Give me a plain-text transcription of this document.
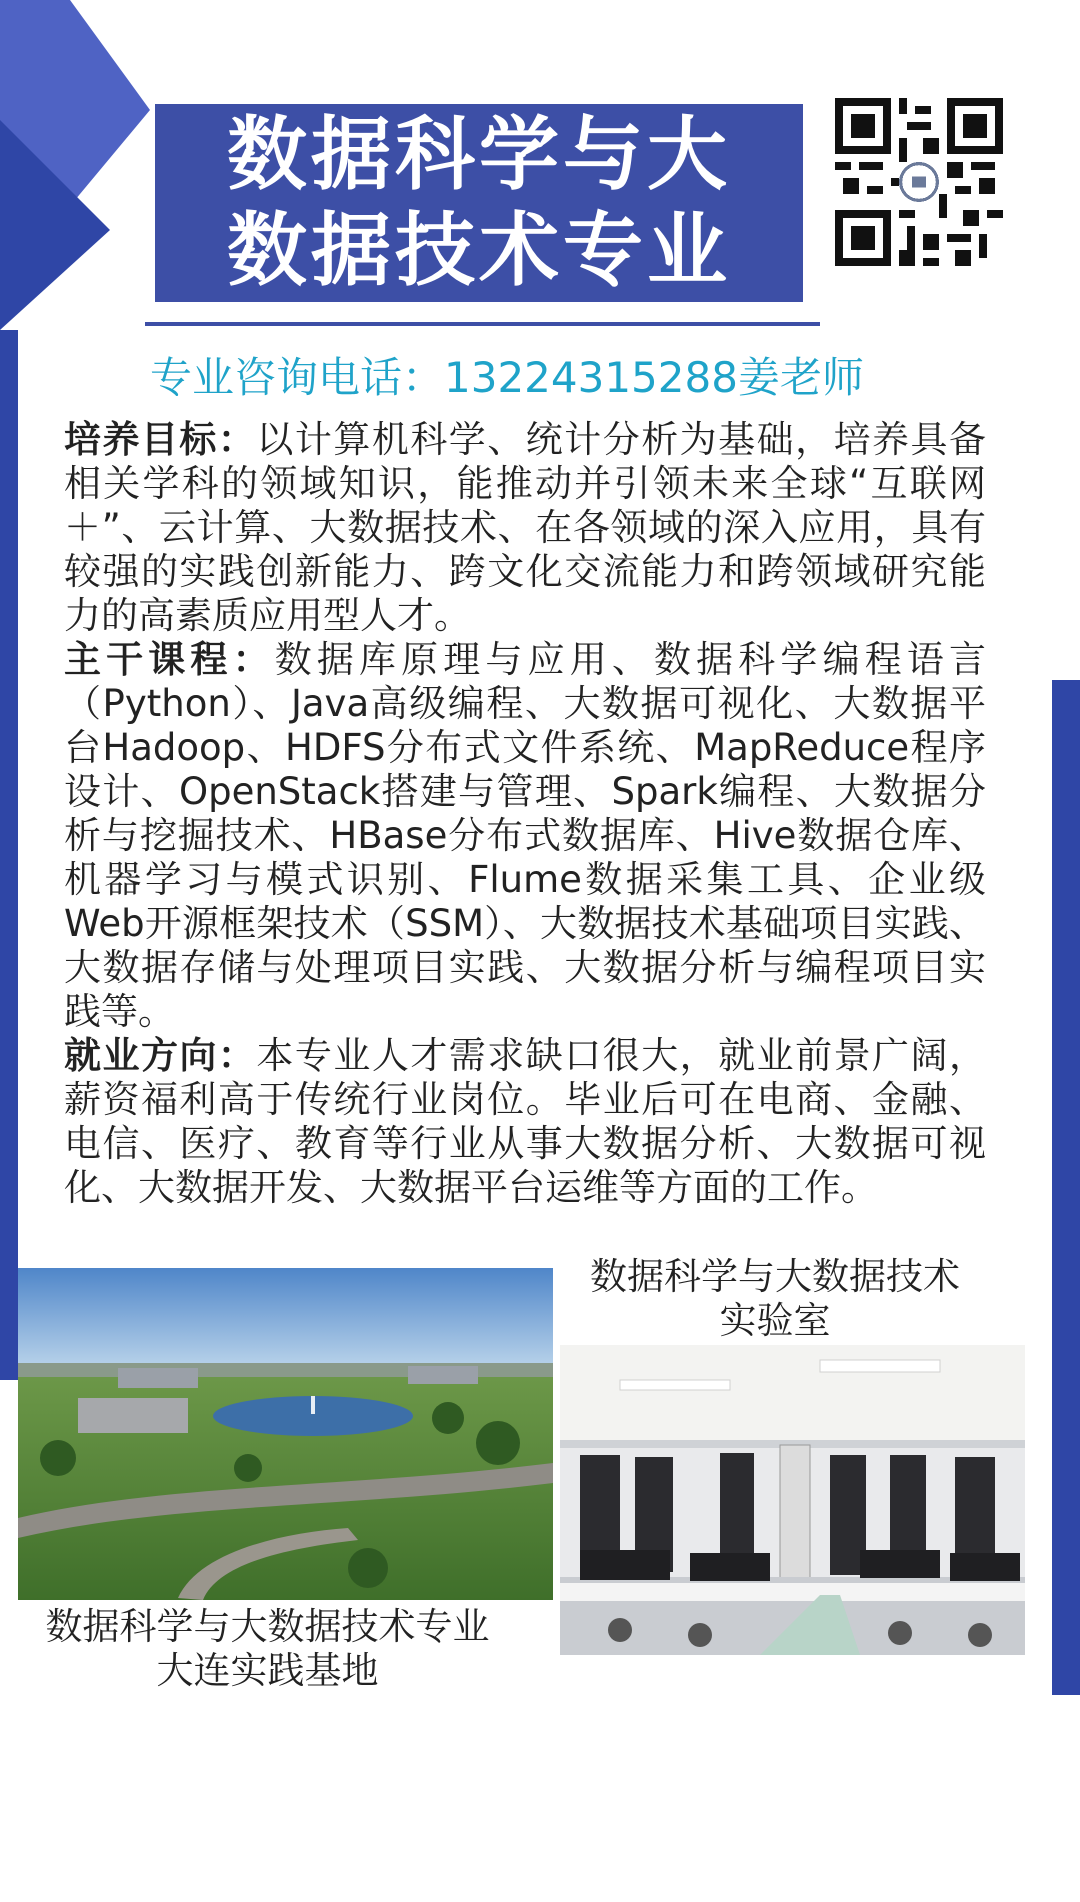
数据科学与大
数据技术专业
专业咨询电话：13224315288姜老师

培养目标：以计算机科学、统计分析为基础，培养具备相关学科的领域知识，能推动并引领未来全球“互联网＋”、云计算、大数据技术、在各领域的深入应用，具有较强的实践创新能力、跨文化交流能力和跨领域研究能力的高素质应用型人才。

主干课程：数据库原理与应用、数据科学编程语言（Python）、Java高级编程、大数据可视化、大数据平台Hadoop、HDFS分布式文件系统、MapReduce程序设计、OpenStack搭建与管理、Spark编程、大数据分析与挖掘技术、HBase分布式数据库、Hive数据仓库、机器学习与模式识别、Flume数据采集工具、企业级Web开源框架技术（SSM）、大数据技术基础项目实践、大数据存储与处理项目实践、大数据分析与编程项目实践等。

就业方向：本专业人才需求缺口很大，就业前景广阔，薪资福利高于传统行业岗位。毕业后可在电商、金融、电信、医疗、教育等行业从事大数据分析、大数据可视化、大数据开发、大数据平台运维等方面的工作。

数据科学与大数据技术
实验室
数据科学与大数据技术专业
大连实践基地
